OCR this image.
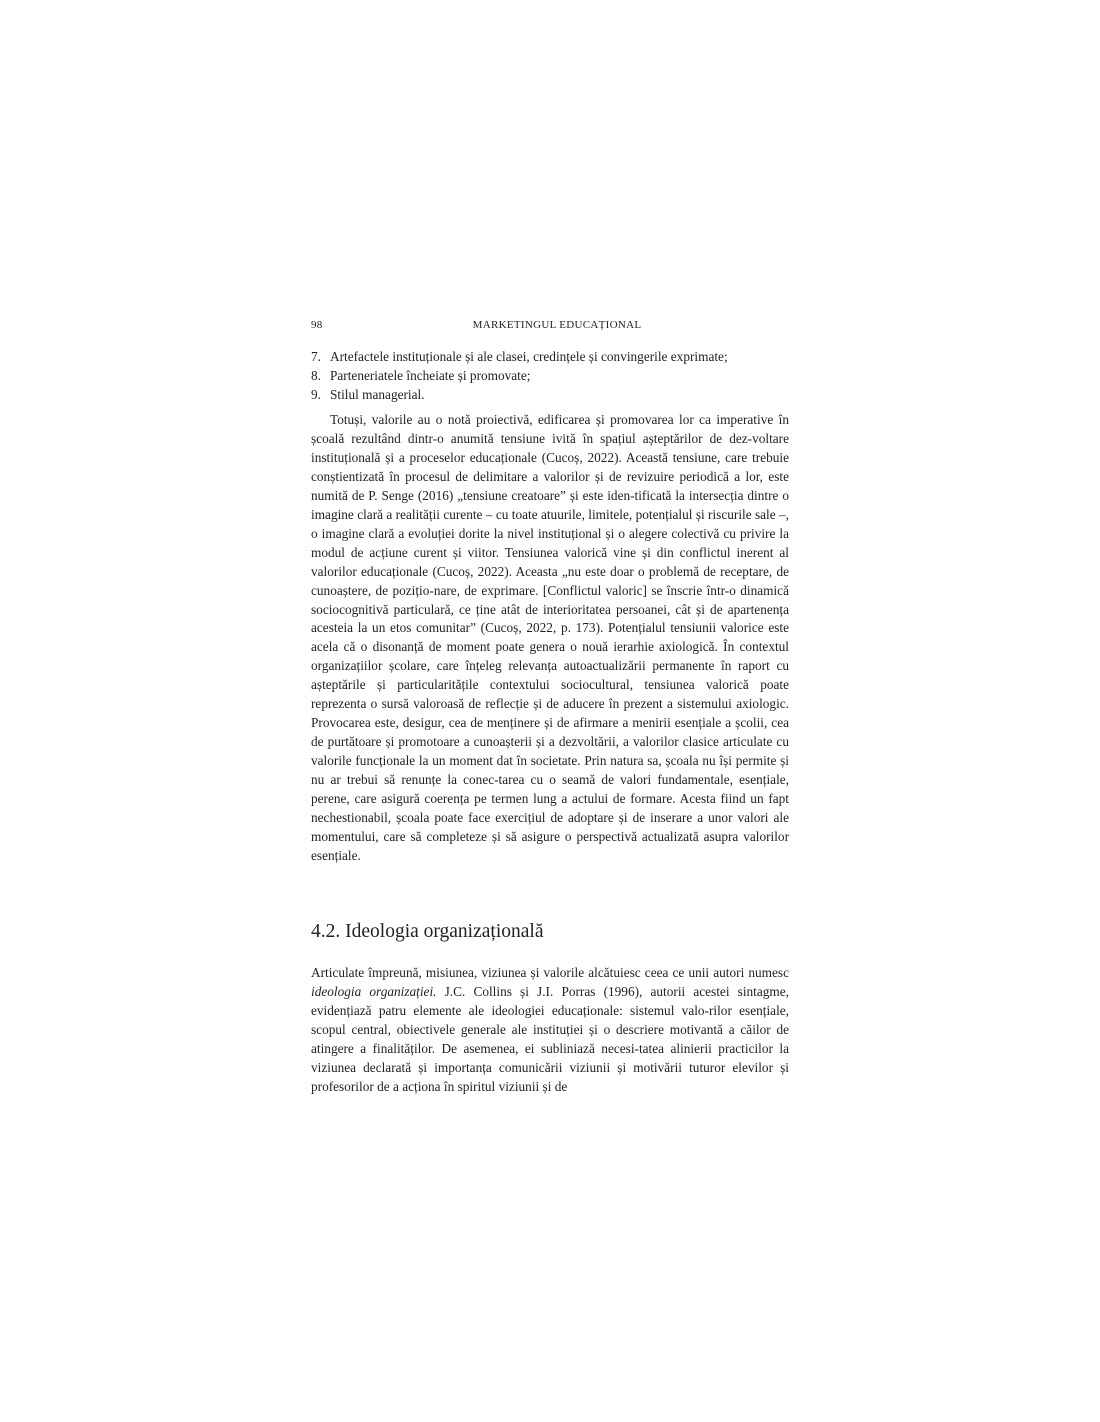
98	MARKETINGUL EDUCAȚIONAL
7. Artefactele instituționale și ale clasei, credințele și convingerile exprimate;
8. Parteneriatele încheiate și promovate;
9. Stilul managerial.

Totuși, valorile au o notă proiectivă, edificarea și promovarea lor ca imperative în școală rezultând dintr-o anumită tensiune ivită în spațiul așteptărilor de dez-voltare instituțională și a proceselor educaționale (Cucoș, 2022). Această tensiune, care trebuie conștientizată în procesul de delimitare a valorilor și de revizuire periodică a lor, este numită de P. Senge (2016) „tensiune creatoare” și este iden-tificată la intersecția dintre o imagine clară a realității curente – cu toate atuurile, limitele, potențialul și riscurile sale –, o imagine clară a evoluției dorite la nivel instituțional și o alegere colectivă cu privire la modul de acțiune curent și viitor. Tensiunea valorică vine și din conflictul inerent al valorilor educaționale (Cucoș, 2022). Aceasta „nu este doar o problemă de receptare, de cunoaștere, de pozițio-nare, de exprimare. [Conflictul valoric] se înscrie într-o dinamică sociocognitivă particulară, ce ține atât de interioritatea persoanei, cât și de apartenența acesteia la un etos comunitar” (Cucoș, 2022, p. 173). Potențialul tensiunii valorice este acela că o disonanță de moment poate genera o nouă ierarhie axiologică. În contextul organizațiilor școlare, care înțeleg relevanța autoactualizării permanente în raport cu așteptările și particularitățile contextului sociocultural, tensiunea valorică poate reprezenta o sursă valoroasă de reflecție și de aducere în prezent a sistemului axiologic. Provocarea este, desigur, cea de menținere și de afirmare a menirii esențiale a școlii, cea de purtătoare și promotoare a cunoașterii și a dezvoltării, a valorilor clasice articulate cu valorile funcționale la un moment dat în societate. Prin natura sa, școala nu își permite și nu ar trebui să renunțe la conec-tarea cu o seamă de valori fundamentale, esențiale, perene, care asigură coerența pe termen lung a actului de formare. Acesta fiind un fapt nechestionabil, școala poate face exercițiul de adoptare și de inserare a unor valori ale momentului, care să completeze și să asigure o perspectivă actualizată asupra valorilor esențiale.

4.2. Ideologia organizațională

Articulate împreună, misiunea, viziunea și valorile alcătuiesc ceea ce unii autori numesc ideologia organizației. J.C. Collins și J.I. Porras (1996), autorii acestei sintagme, evidențiază patru elemente ale ideologiei educaționale: sistemul valo-rilor esențiale, scopul central, obiectivele generale ale instituției și o descriere motivantă a căilor de atingere a finalităților. De asemenea, ei subliniază necesi-tatea alinierii practicilor la viziunea declarată și importanța comunicării viziunii și motivării tuturor elevilor și profesorilor de a acționa în spiritul viziunii și de
